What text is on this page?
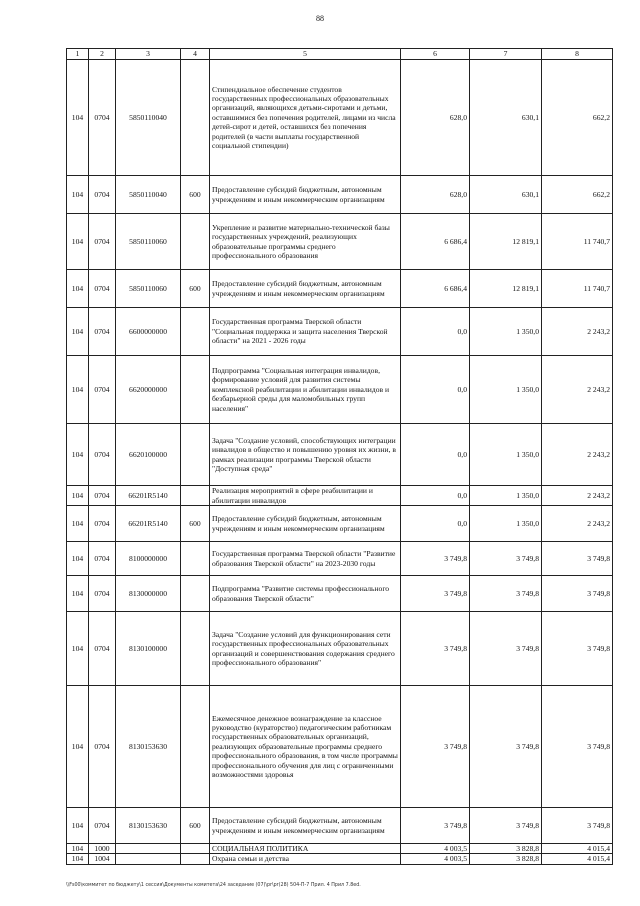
88
1	2	3	4	5	6	7	8
104	0704	5850110040		Стипендиальное обеспечение студентов государственных профессиональных образовательных организаций, являющихся детьми-сиротами и детьми, оставшимися без попечения родителей, лицами из числа детей-сирот и детей, оставшихся без попечения родителей (в части выплаты государственной социальной стипендии)	628,0	630,1	662,2
104	0704	5850110040	600	Предоставление субсидий бюджетным, автономным учреждениям и иным некоммерческим организациям	628,0	630,1	662,2
104	0704	5850110060		Укрепление и развитие материально-технической базы государственных учреждений, реализующих образовательные программы среднего профессионального образования	6 686,4	12 819,1	11 740,7
104	0704	5850110060	600	Предоставление субсидий бюджетным, автономным учреждениям и иным некоммерческим организациям	6 686,4	12 819,1	11 740,7
104	0704	6600000000		Государственная программа Тверской области "Социальная поддержка и защита населения Тверской области" на 2021 - 2026 годы	0,0	1 350,0	2 243,2
104	0704	6620000000		Подпрограмма "Социальная интеграция инвалидов, формирование условий для развития системы комплексной реабилитации и абилитации инвалидов и безбарьерной среды для маломобильных групп населения"	0,0	1 350,0	2 243,2
104	0704	6620100000		Задача "Создание условий, способствующих интеграции инвалидов в общество и повышению уровня их жизни, в рамках реализации программы Тверской области "Доступная среда"	0,0	1 350,0	2 243,2
104	0704	66201R5140		Реализация мероприятий в сфере реабилитации и абилитации инвалидов	0,0	1 350,0	2 243,2
104	0704	66201R5140	600	Предоставление субсидий бюджетным, автономным учреждениям и иным некоммерческим организациям	0,0	1 350,0	2 243,2
104	0704	8100000000		Государственная программа Тверской области "Развитие образования Тверской области" на 2023-2030 годы	3 749,8	3 749,8	3 749,8
104	0704	8130000000		Подпрограмма "Развитие системы профессионального образования Тверской области"	3 749,8	3 749,8	3 749,8
104	0704	8130100000		Задача "Создание условий для функционирования сети государственных профессиональных образовательных организаций и совершенствования содержания среднего профессионального образования"	3 749,8	3 749,8	3 749,8
104	0704	8130153630		Ежемесячное денежное вознаграждение за классное руководство (кураторство) педагогическим работникам государственных образовательных организаций, реализующих образовательные программы среднего профессионального образования, в том числе программы профессионального обучения для лиц с ограниченными возможностями здоровья	3 749,8	3 749,8	3 749,8
104	0704	8130153630	600	Предоставление субсидий бюджетным, автономным учреждениям и иным некоммерческим организациям	3 749,8	3 749,8	3 749,8
104	1000			СОЦИАЛЬНАЯ ПОЛИТИКА	4 003,5	3 828,8	4 015,4
104	1004			Охрана семьи и детства	4 003,5	3 828,8	4 015,4
\\Fs00\коммитет по бюджету\1 сессия\Документы комитета\24 заседание (07)\pr\pr(28) 504-П-7 Прил. 4 Прил 7.8еd.
